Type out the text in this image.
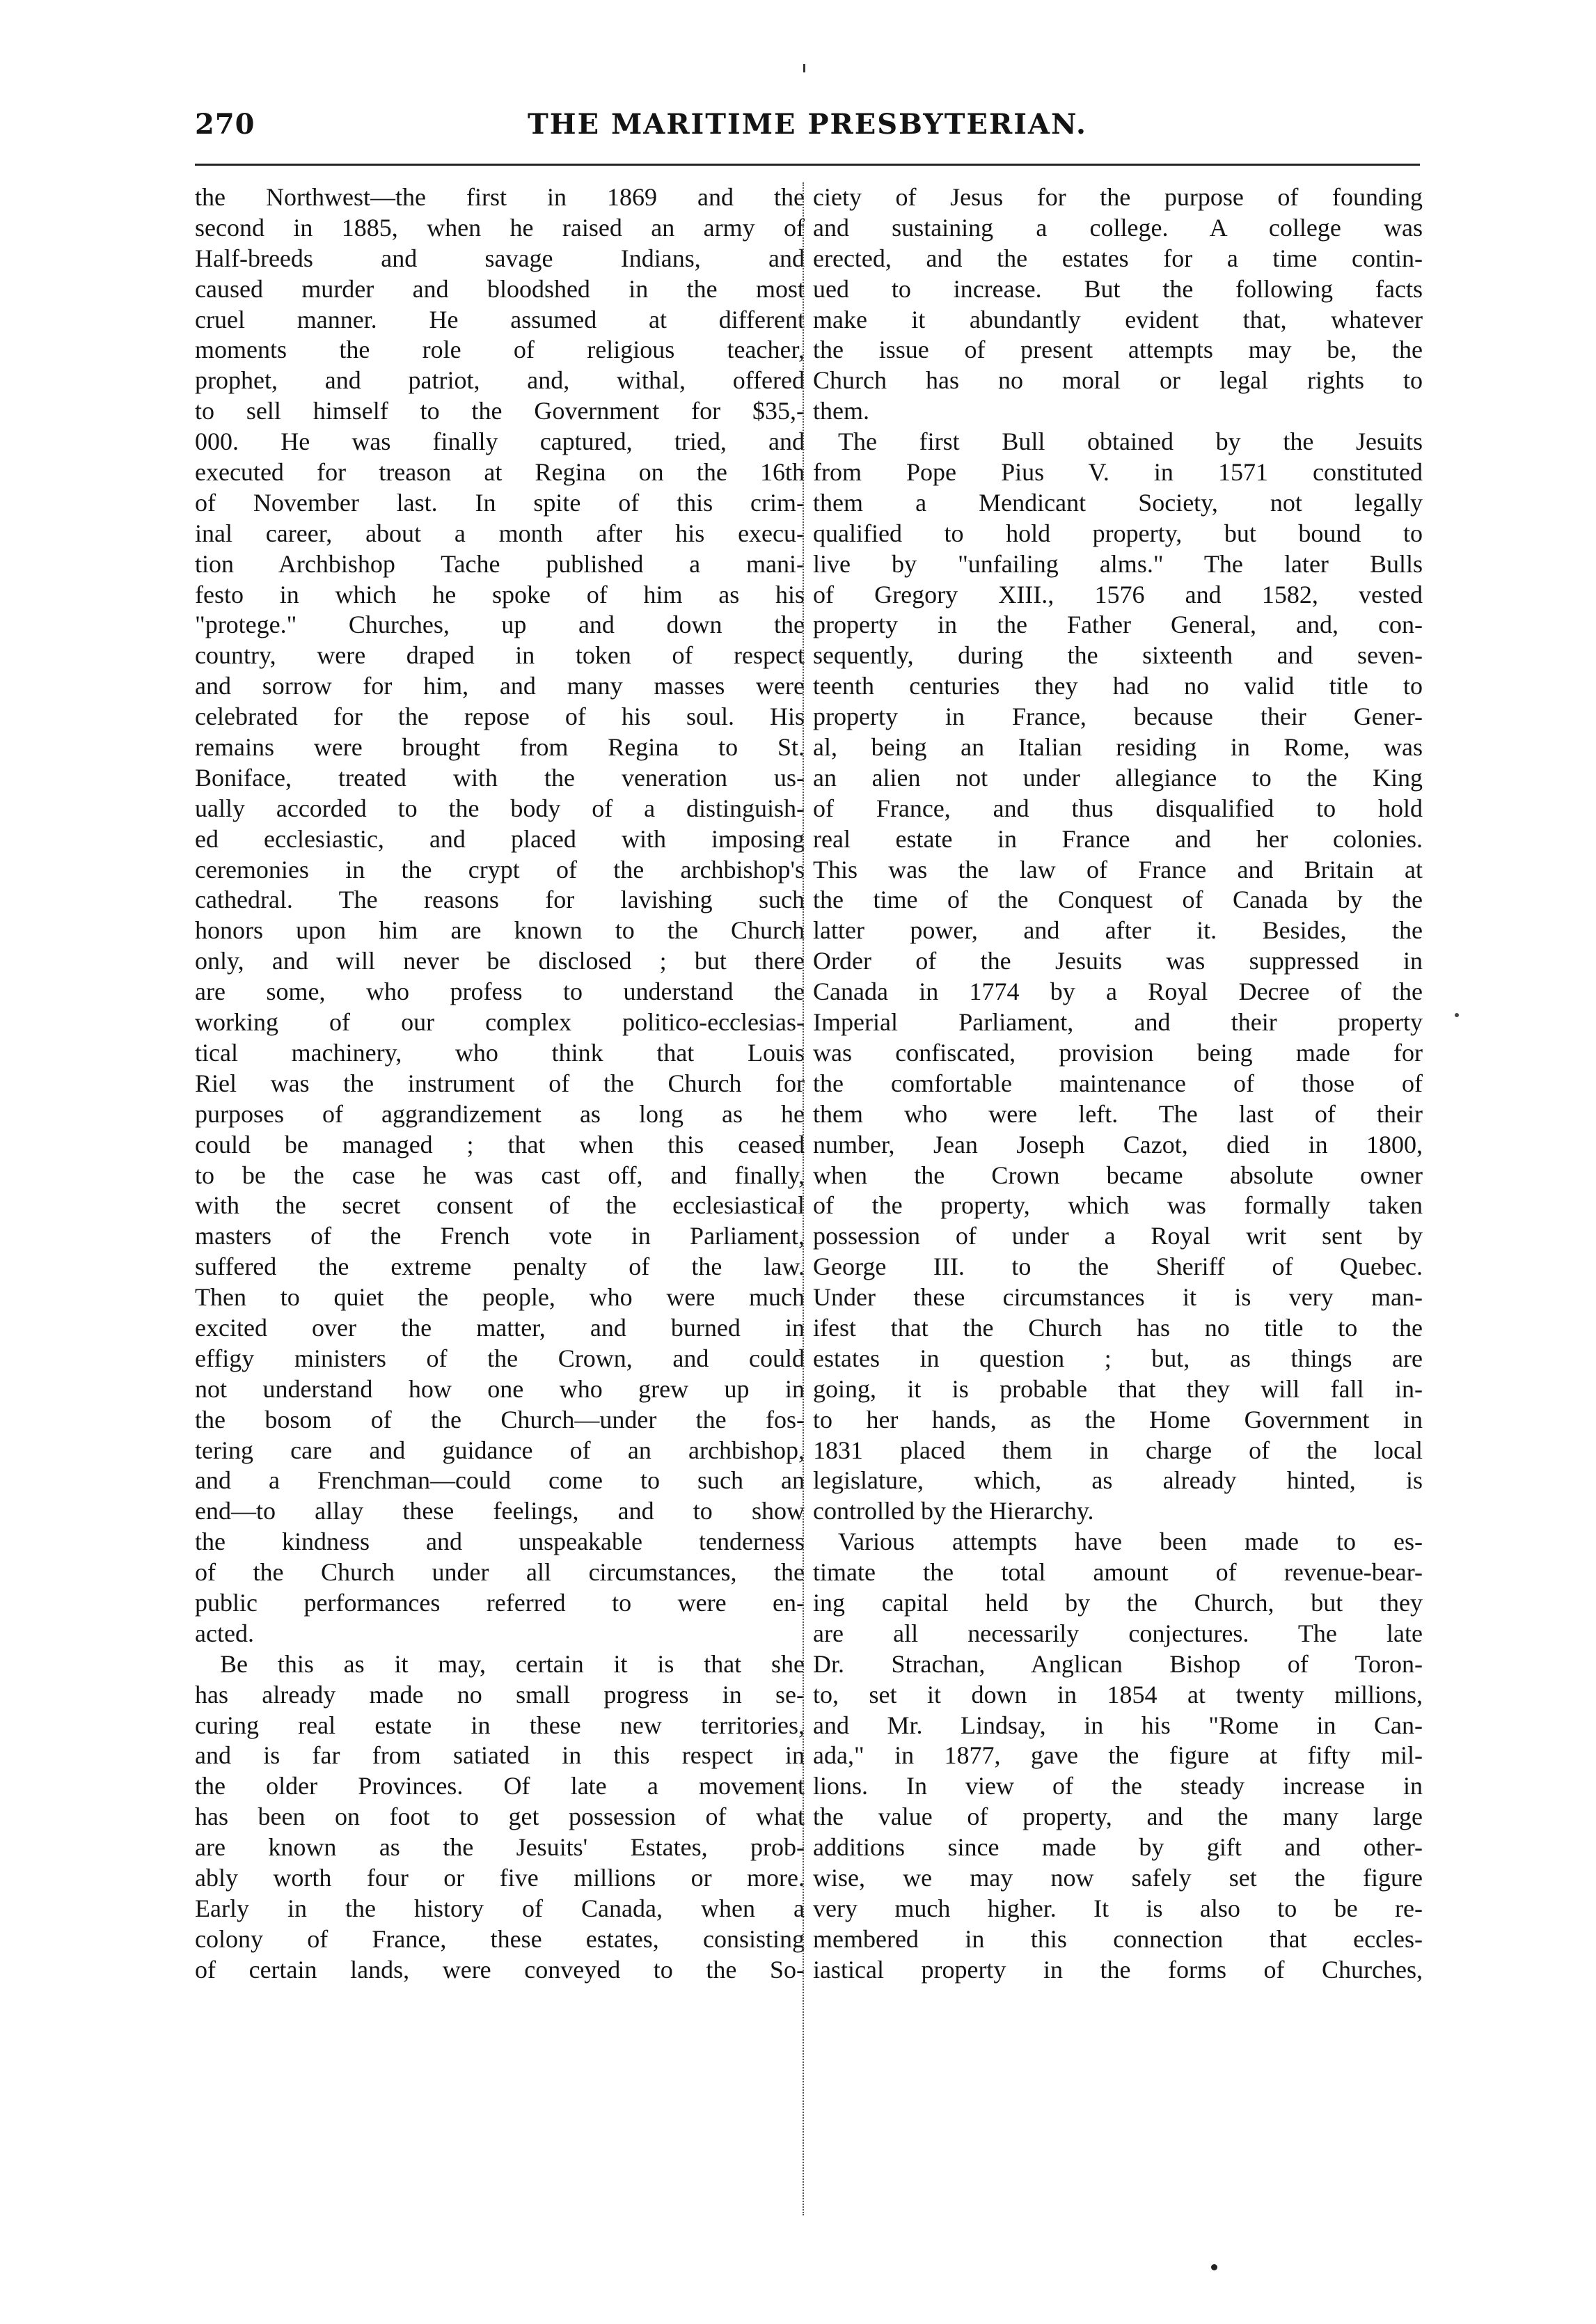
270	THE MARITIME PRESBYTERIAN.
the Northwest—the first in 1869 and the
second in 1885, when he raised an army of
Half-breeds and savage Indians, and
caused murder and bloodshed in the most
cruel manner. He assumed at different
moments the role of religious teacher,
prophet, and patriot, and, withal, offered
to sell himself to the Government for $35,-
000. He was finally captured, tried, and
executed for treason at Regina on the 16th
of November last. In spite of this crim-
inal career, about a month after his execu-
tion Archbishop Tache published a mani-
festo in which he spoke of him as his
"protege." Churches, up and down the
country, were draped in token of respect
and sorrow for him, and many masses were
celebrated for the repose of his soul. His
remains were brought from Regina to St.
Boniface, treated with the veneration us-
ually accorded to the body of a distinguish-
ed ecclesiastic, and placed with imposing
ceremonies in the crypt of the archbishop's
cathedral. The reasons for lavishing such
honors upon him are known to the Church
only, and will never be disclosed ; but there
are some, who profess to understand the
working of our complex politico-ecclesias-
tical machinery, who think that Louis
Riel was the instrument of the Church for
purposes of aggrandizement as long as he
could be managed ; that when this ceased
to be the case he was cast off, and finally,
with the secret consent of the ecclesiastical
masters of the French vote in Parliament,
suffered the extreme penalty of the law.
Then to quiet the people, who were much
excited over the matter, and burned in
effigy ministers of the Crown, and could
not understand how one who grew up in
the bosom of the Church—under the fos-
tering care and guidance of an archbishop,
and a Frenchman—could come to such an
end—to allay these feelings, and to show
the kindness and unspeakable tenderness
of the Church under all circumstances, the
public performances referred to were en-
acted.
Be this as it may, certain it is that she
has already made no small progress in se-
curing real estate in these new territories,
and is far from satiated in this respect in
the older Provinces. Of late a movement
has been on foot to get possession of what
are known as the Jesuits' Estates, prob-
ably worth four or five millions or more.
Early in the history of Canada, when a
colony of France, these estates, consisting
of certain lands, were conveyed to the So-
ciety of Jesus for the purpose of founding
and sustaining a college. A college was
erected, and the estates for a time contin-
ued to increase. But the following facts
make it abundantly evident that, whatever
the issue of present attempts may be, the
Church has no moral or legal rights to
them.
The first Bull obtained by the Jesuits
from Pope Pius V. in 1571 constituted
them a Mendicant Society, not legally
qualified to hold property, but bound to
live by "unfailing alms." The later Bulls
of Gregory XIII., 1576 and 1582, vested
property in the Father General, and, con-
sequently, during the sixteenth and seven-
teenth centuries they had no valid title to
property in France, because their Gener-
al, being an Italian residing in Rome, was
an alien not under allegiance to the King
of France, and thus disqualified to hold
real estate in France and her colonies.
This was the law of France and Britain at
the time of the Conquest of Canada by the
latter power, and after it. Besides, the
Order of the Jesuits was suppressed in
Canada in 1774 by a Royal Decree of the
Imperial Parliament, and their property
was confiscated, provision being made for
the comfortable maintenance of those of
them who were left. The last of their
number, Jean Joseph Cazot, died in 1800,
when the Crown became absolute owner
of the property, which was formally taken
possession of under a Royal writ sent by
George III. to the Sheriff of Quebec.
Under these circumstances it is very man-
ifest that the Church has no title to the
estates in question ; but, as things are
going, it is probable that they will fall in-
to her hands, as the Home Government in
1831 placed them in charge of the local
legislature, which, as already hinted, is
controlled by the Hierarchy.
Various attempts have been made to es-
timate the total amount of revenue-bear-
ing capital held by the Church, but they
are all necessarily conjectures. The late
Dr. Strachan, Anglican Bishop of Toron-
to, set it down in 1854 at twenty millions,
and Mr. Lindsay, in his "Rome in Can-
ada," in 1877, gave the figure at fifty mil-
lions. In view of the steady increase in
the value of property, and the many large
additions since made by gift and other-
wise, we may now safely set the figure
very much higher. It is also to be re-
membered in this connection that eccles-
iastical property in the forms of Churches,
